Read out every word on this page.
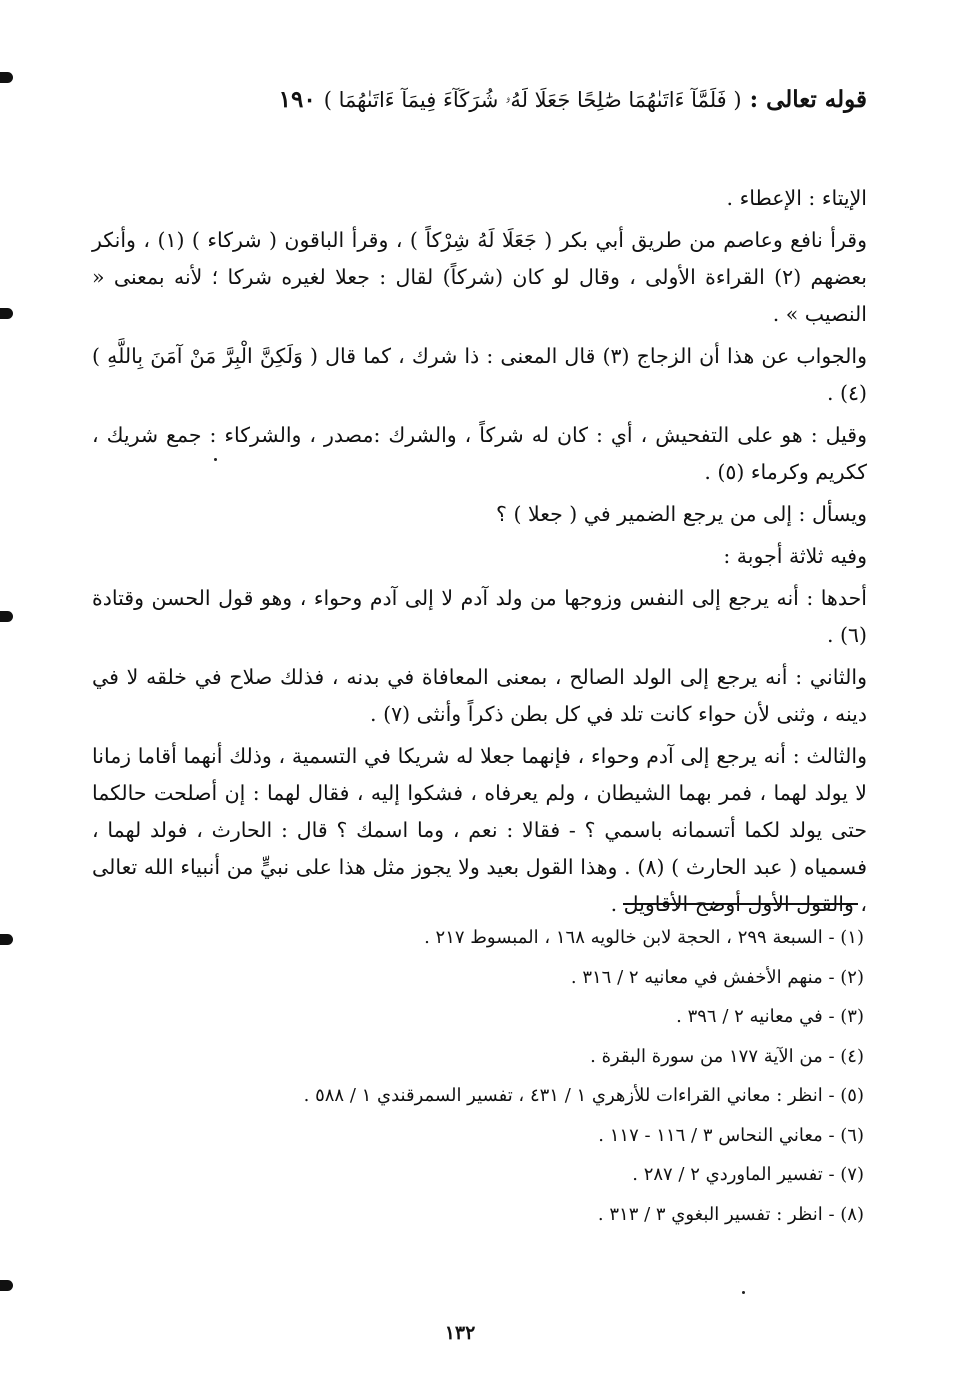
قوله تعالى : ( فَلَمَّآ ءَاتَىٰهُمَا صَٰلِحًا جَعَلَا لَهُۥ شُرَكَآءَ فِيمَآ ءَاتَىٰهُمَا ) ١٩٠

الإيتاء : الإعطاء .

وقرأ نافع وعاصم من طريق أبي بكر ( جَعَلَا لَهُ شِرْكاً ) ، وقرأ الباقون ( شركاء ) (١) ، وأنكر بعضهم (٢) القراءة الأولى ، وقال لو كان (شركاً) لقال : جعلا لغيره شركا ؛ لأنه بمعنى « النصيب » .

والجواب عن هذا أن الزجاج (٣) قال المعنى : ذا شرك ، كما قال ( وَلَكِنَّ الْبِرَّ مَنْ آمَنَ بِاللَّهِ ) (٤) .

وقيل : هو على التفحيش ، أي : كان له شركاً ، والشرك :مصدر ، والشركاء : جمع شريك ، ككريم وكرماء (٥) .

ويسأل : إلى من يرجع الضمير في ( جعلا ) ؟

وفيه ثلاثة أجوبة :

أحدها : أنه يرجع إلى النفس وزوجها من ولد آدم لا إلى آدم وحواء ، وهو قول الحسن وقتادة (٦) .

والثاني : أنه يرجع إلى الولد الصالح ، بمعنى المعافاة في بدنه ، فذلك صلاح في خلقه لا في دينه ، وثنى لأن حواء كانت تلد في كل بطن ذكراً وأنثى (٧) .

والثالث : أنه يرجع إلى آدم وحواء ، فإنهما جعلا له شريكا في التسمية ، وذلك أنهما أقاما زمانا لا يولد لهما ، فمر بهما الشيطان ، ولم يعرفاه ، فشكوا إليه ، فقال لهما : إن أصلحت حالكما حتى يولد لكما أتسمانه باسمي ؟ - فقالا : نعم ، وما اسمك ؟ قال : الحارث ، فولد لهما ، فسمياه ( عبد الحارث ) (٨) . وهذا القول بعيد ولا يجوز مثل هذا على نبيٍّ من أنبياء الله تعالى ، والقول الأول أوضح الأقاويل .

(١) - السبعة ٢٩٩ ، الحجة لابن خالويه ١٦٨ ، المبسوط ٢١٧ .
(٢) - منهم الأخفش في معانيه ٢ / ٣١٦ .
(٣) - في معانيه ٢ / ٣٩٦ .
(٤) - من الآية ١٧٧ من سورة البقرة .
(٥) - انظر : معاني القراءات للأزهري ١ / ٤٣١ ، تفسير السمرقندي ١ / ٥٨٨ .
(٦) - معاني النحاس ٣ / ١١٦ - ١١٧ .
(٧) - تفسير الماوردي ٢ / ٢٨٧ .
(٨) - انظر : تفسير البغوي ٣ / ٣١٣ .
١٣٢
